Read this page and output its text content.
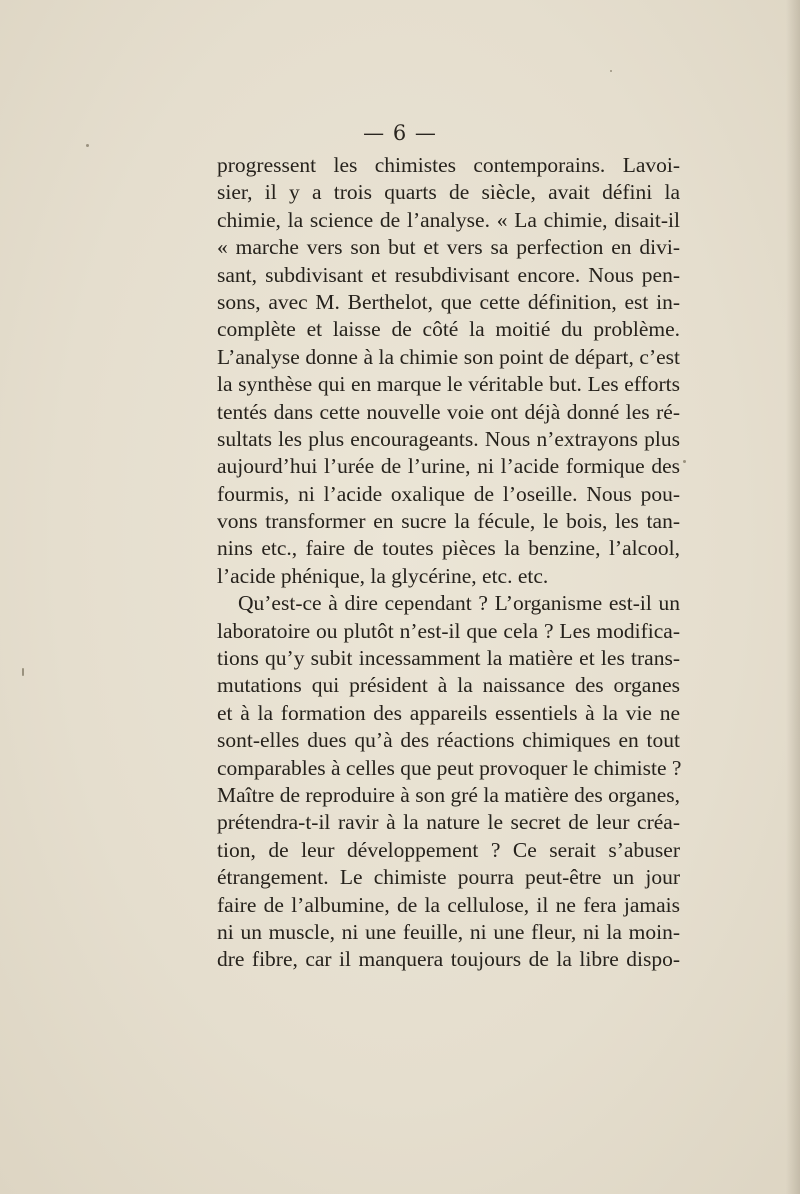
— 6 —
progressent les chimistes contemporains. Lavoi-
sier, il y a trois quarts de siècle, avait défini la
chimie, la science de l’analyse. « La chimie, disait-il
« marche vers son but et vers sa perfection en divi-
sant, subdivisant et resubdivisant encore. Nous pen-
sons, avec M. Berthelot, que cette définition, est in-
complète et laisse de côté la moitié du problème.
L’analyse donne à la chimie son point de départ, c’est
la synthèse qui en marque le véritable but. Les efforts
tentés dans cette nouvelle voie ont déjà donné les ré-
sultats les plus encourageants. Nous n’extrayons plus
aujourd’hui l’urée de l’urine, ni l’acide formique des
fourmis, ni l’acide oxalique de l’oseille. Nous pou-
vons transformer en sucre la fécule, le bois, les tan-
nins etc., faire de toutes pièces la benzine, l’alcool,
l’acide phénique, la glycérine, etc. etc.
Qu’est-ce à dire cependant ? L’organisme est-il un
laboratoire ou plutôt n’est-il que cela ? Les modifica-
tions qu’y subit incessamment la matière et les trans-
mutations qui président à la naissance des organes
et à la formation des appareils essentiels à la vie ne
sont-elles dues qu’à des réactions chimiques en tout
comparables à celles que peut provoquer le chimiste ?
Maître de reproduire à son gré la matière des organes,
prétendra-t-il ravir à la nature le secret de leur créa-
tion, de leur développement ? Ce serait s’abuser
étrangement. Le chimiste pourra peut-être un jour
faire de l’albumine, de la cellulose, il ne fera jamais
ni un muscle, ni une feuille, ni une fleur, ni la moin-
dre fibre, car il manquera toujours de la libre dispo-
